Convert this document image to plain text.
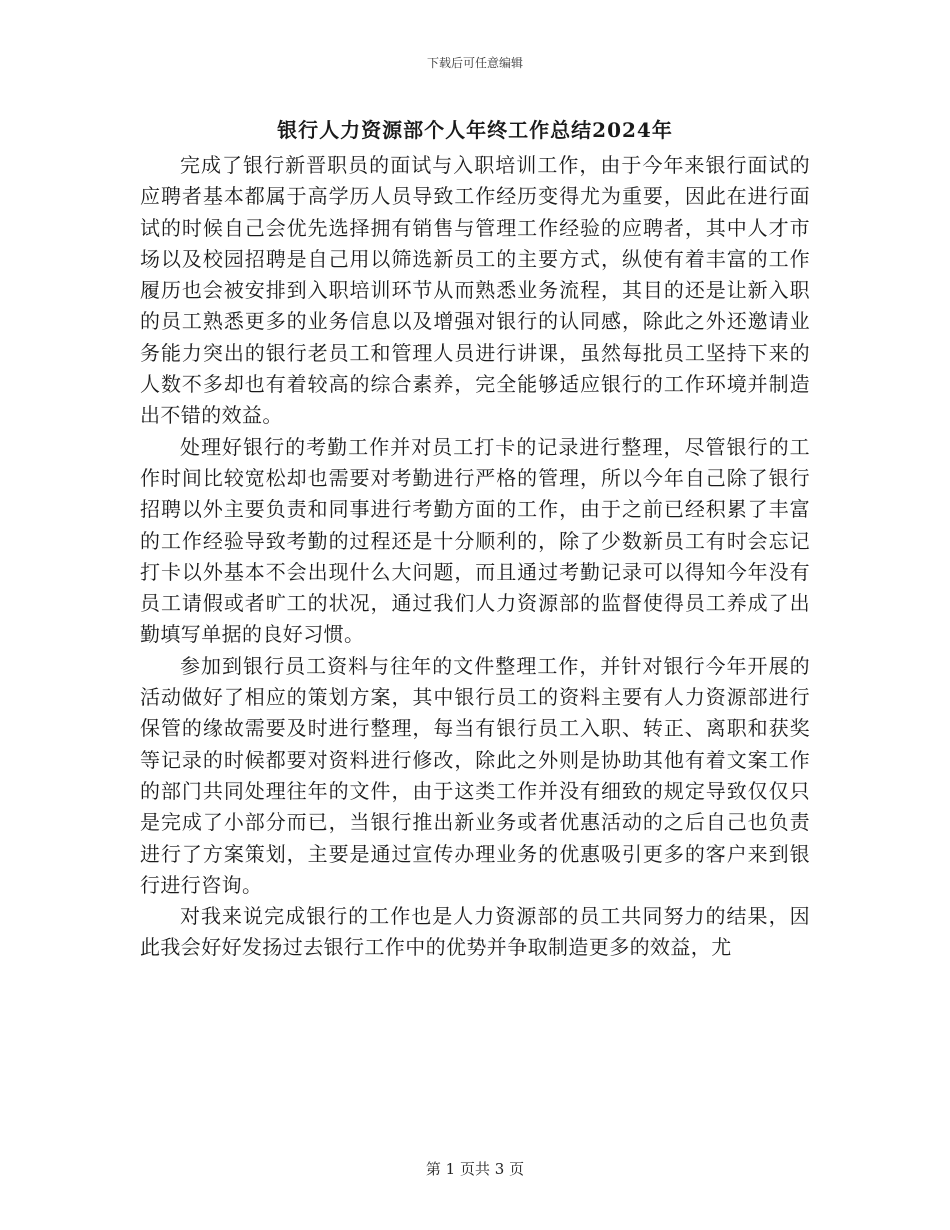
下载后可任意编辑
银行人力资源部个人年终工作总结2024年

完成了银行新晋职员的面试与入职培训工作，由于今年来银行面试的应聘者基本都属于高学历人员导致工作经历变得尤为重要，因此在进行面试的时候自己会优先选择拥有销售与管理工作经验的应聘者，其中人才市场以及校园招聘是自己用以筛选新员工的主要方式，纵使有着丰富的工作履历也会被安排到入职培训环节从而熟悉业务流程，其目的还是让新入职的员工熟悉更多的业务信息以及增强对银行的认同感，除此之外还邀请业务能力突出的银行老员工和管理人员进行讲课，虽然每批员工坚持下来的人数不多却也有着较高的综合素养，完全能够适应银行的工作环境并制造出不错的效益。

处理好银行的考勤工作并对员工打卡的记录进行整理，尽管银行的工作时间比较宽松却也需要对考勤进行严格的管理，所以今年自己除了银行招聘以外主要负责和同事进行考勤方面的工作，由于之前已经积累了丰富的工作经验导致考勤的过程还是十分顺利的，除了少数新员工有时会忘记打卡以外基本不会出现什么大问题，而且通过考勤记录可以得知今年没有员工请假或者旷工的状况，通过我们人力资源部的监督使得员工养成了出勤填写单据的良好习惯。

参加到银行员工资料与往年的文件整理工作，并针对银行今年开展的活动做好了相应的策划方案，其中银行员工的资料主要有人力资源部进行保管的缘故需要及时进行整理，每当有银行员工入职、转正、离职和获奖等记录的时候都要对资料进行修改，除此之外则是协助其他有着文案工作的部门共同处理往年的文件，由于这类工作并没有细致的规定导致仅仅只是完成了小部分而已，当银行推出新业务或者优惠活动的之后自己也负责进行了方案策划，主要是通过宣传办理业务的优惠吸引更多的客户来到银行进行咨询。

对我来说完成银行的工作也是人力资源部的员工共同努力的结果，因此我会好好发扬过去银行工作中的优势并争取制造更多的效益，尤

第 1 页共 3 页
